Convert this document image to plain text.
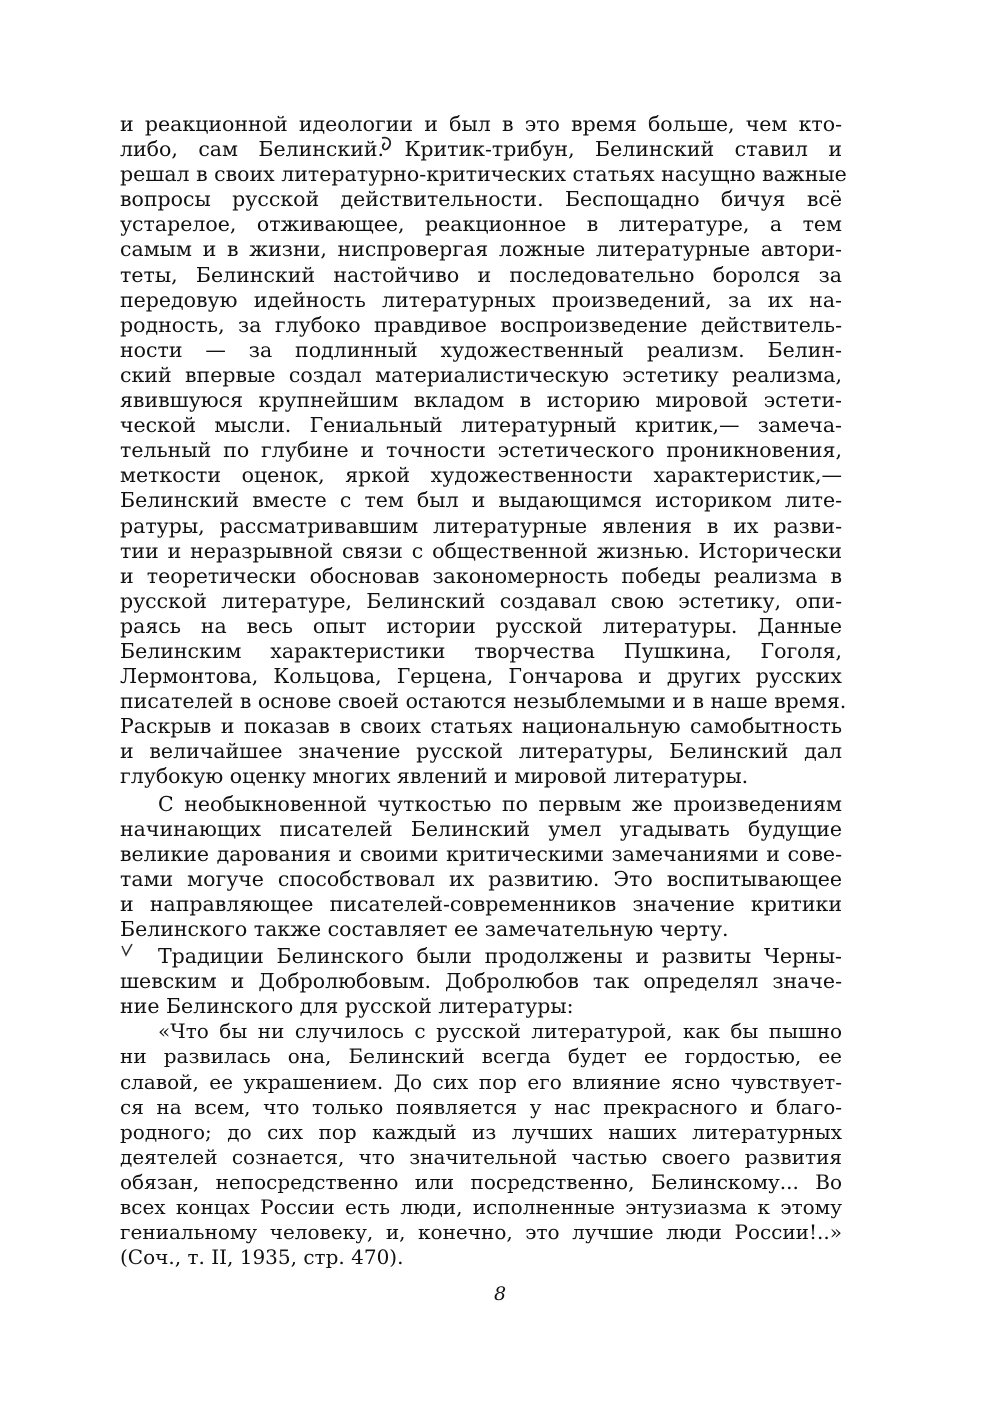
и реакционной идеологии и был в это время больше, чем кто-
либо, сам Белинский. Критик-трибун, Белинский ставил и
решал в своих литературно-критических статьях насущно важные
вопросы русской действительности. Беспощадно бичуя всё
устарелое, отживающее, реакционное в литературе, а тем
самым и в жизни, ниспровергая ложные литературные автори-
теты, Белинский настойчиво и последовательно боролся за
передовую идейность литературных произведений, за их на-
родность, за глубоко правдивое воспроизведение действитель-
ности — за подлинный художественный реализм. Белин-
ский впервые создал материалистическую эстетику реализма,
явившуюся крупнейшим вкладом в историю мировой эстети-
ческой мысли. Гениальный литературный критик,— замеча-
тельный по глубине и точности эстетического проникновения,
меткости оценок, яркой художественности характеристик,—
Белинский вместе с тем был и выдающимся историком лите-
ратуры, рассматривавшим литературные явления в их разви-
тии и неразрывной связи с общественной жизнью. Исторически
и теоретически обосновав закономерность победы реализма в
русской литературе, Белинский создавал свою эстетику, опи-
раясь на весь опыт истории русской литературы. Данные
Белинским характеристики творчества Пушкина, Гоголя,
Лермонтова, Кольцова, Герцена, Гончарова и других русских
писателей в основе своей остаются незыблемыми и в наше время.
Раскрыв и показав в своих статьях национальную самобытность
и величайшее значение русской литературы, Белинский дал
глубокую оценку многих явлений и мировой литературы.
С необыкновенной чуткостью по первым же произведениям
начинающих писателей Белинский умел угадывать будущие
великие дарования и своими критическими замечаниями и сове-
тами могуче способствовал их развитию. Это воспитывающее
и направляющее писателей-современников значение критики
Белинского также составляет ее замечательную черту.
Традиции Белинского были продолжены и развиты Черны-
шевским и Добролюбовым. Добролюбов так определял значе-
ние Белинского для русской литературы:
«Что бы ни случилось с русской литературой, как бы пышно
ни развилась она, Белинский всегда будет ее гордостью, ее
славой, ее украшением. До сих пор его влияние ясно чувствует-
ся на всем, что только появляется у нас прекрасного и благо-
родного; до сих пор каждый из лучших наших литературных
деятелей сознается, что значительной частью своего развития
обязан, непосредственно или посредственно, Белинскому... Во
всех концах России есть люди, исполненные энтузиазма к этому
гениальному человеку, и, конечно, это лучшие люди России!..»
(Соч., т. II, 1935, стр. 470).
8
